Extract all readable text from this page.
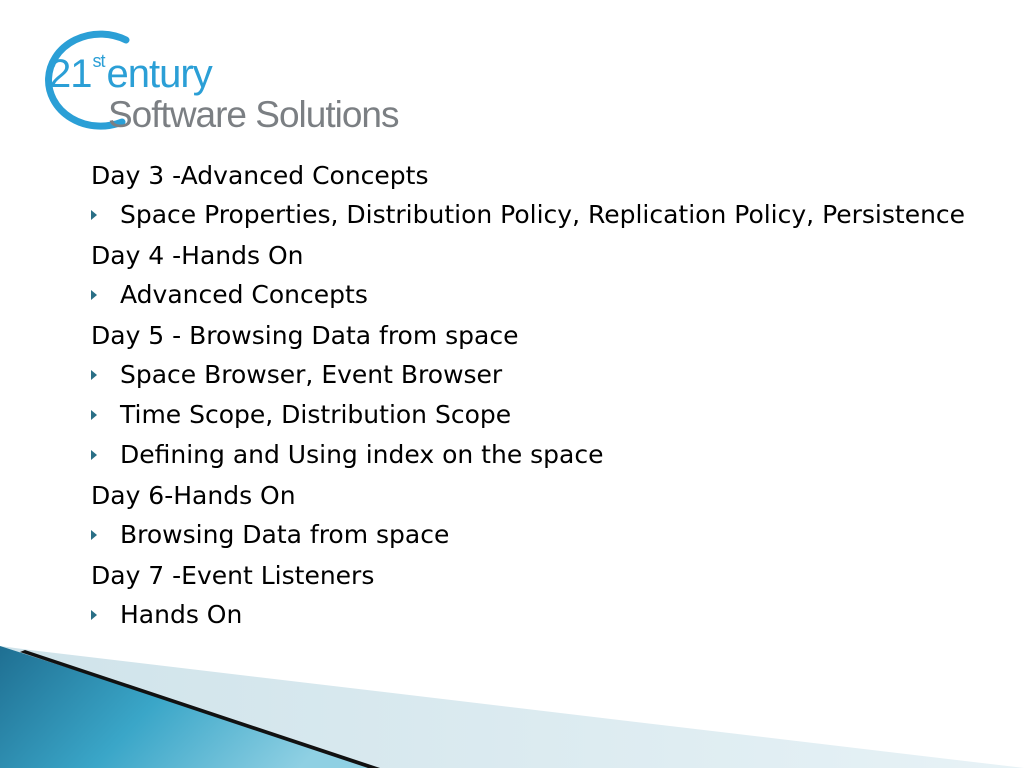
21stentury
Software Solutions

Day 3 -Advanced Concepts

Space Properties, Distribution Policy, Replication Policy, Persistence

Day 4 -Hands On

Advanced Concepts

Day 5 - Browsing Data from space

Space Browser, Event Browser

Time Scope, Distribution Scope

Defining and Using index on the space

Day 6-Hands On

Browsing Data from space

Day 7 -Event Listeners

Hands On
